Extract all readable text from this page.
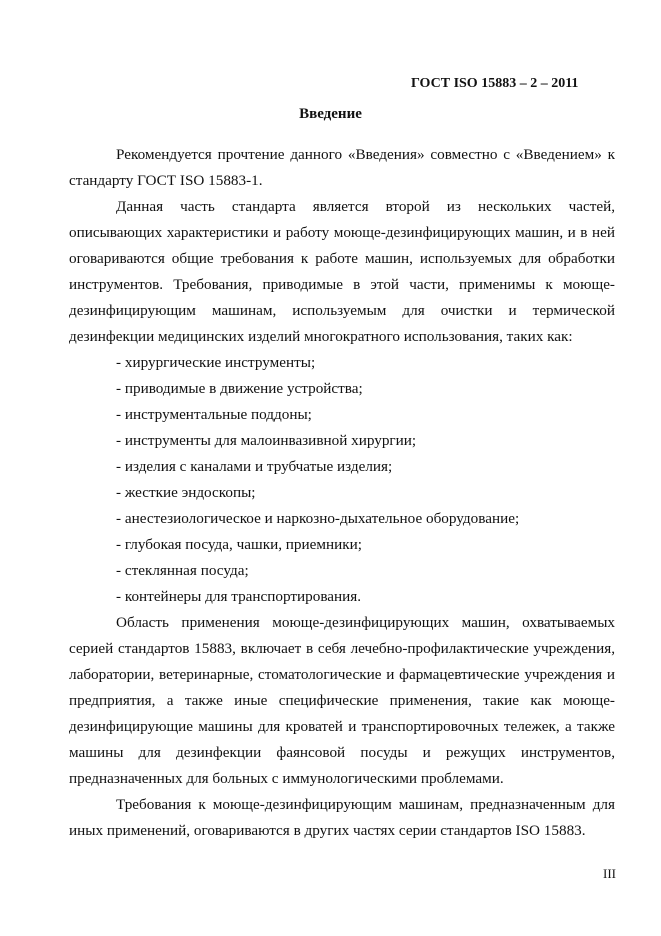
ГОСТ ISO 15883 – 2 – 2011
Введение

Рекомендуется прочтение данного «Введения» совместно с «Введением» к стандарту ГОСТ ISO 15883-1.

Данная часть стандарта является второй из нескольких частей, описывающих характеристики и работу моюще-дезинфицирующих машин, и в ней оговариваются общие требования к работе машин, используемых для обработки инструментов. Требования, приводимые в этой части, применимы к моюще-дезинфицирующим машинам, используемым для очистки и термической дезинфекции медицинских изделий многократного использования, таких как:

- хирургические инструменты;
- приводимые в движение устройства;
- инструментальные поддоны;
- инструменты для малоинвазивной хирургии;
- изделия с каналами и трубчатые изделия;
- жесткие эндоскопы;
- анестезиологическое и наркозно-дыхательное оборудование;
- глубокая посуда, чашки, приемники;
- стеклянная посуда;
- контейнеры для транспортирования.

Область применения моюще-дезинфицирующих машин, охватываемых серией стандартов 15883, включает в себя лечебно-профилактические учреждения, лаборатории, ветеринарные, стоматологические и фармацевтические учреждения и предприятия, а также иные специфические применения, такие как моюще-дезинфицирующие машины для кроватей и транспортировочных тележек, а также машины для дезинфекции фаянсовой посуды и режущих инструментов, предназначенных для больных с иммунологическими проблемами.

Требования к моюще-дезинфицирующим машинам, предназначенным для иных применений, оговариваются в других частях серии стандартов ISO 15883.

III
